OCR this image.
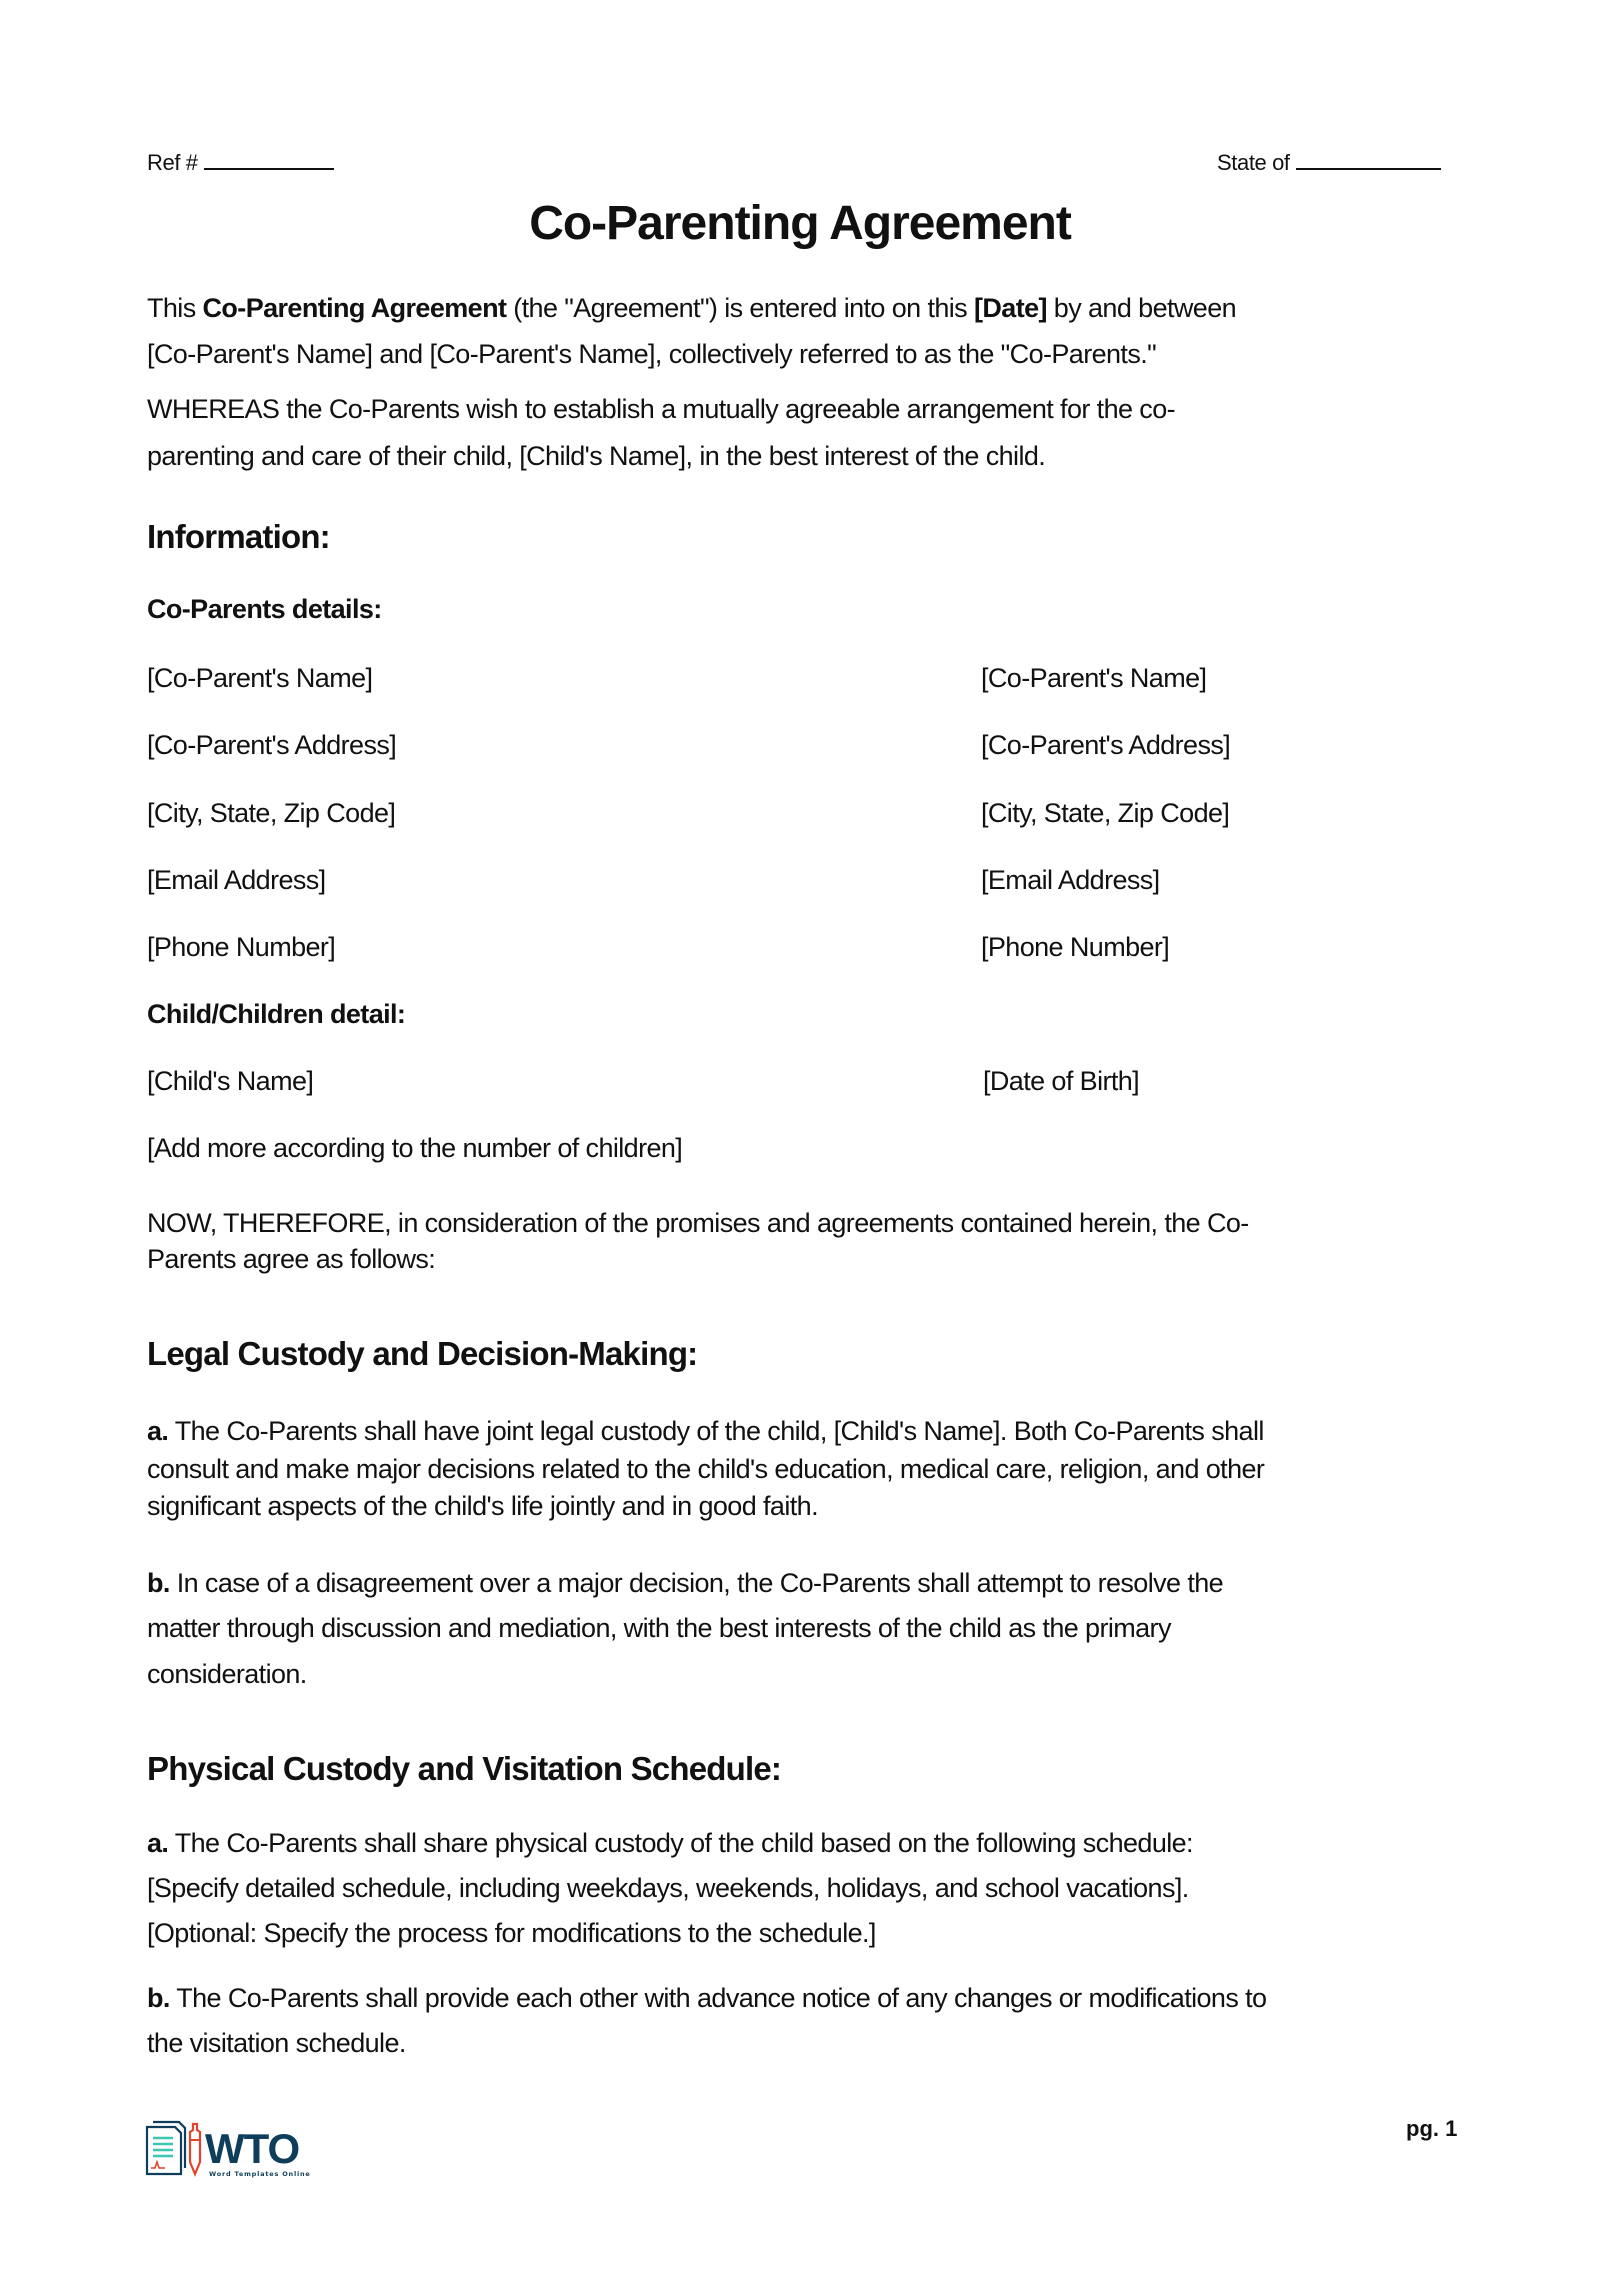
Ref #	State of
Co-Parenting Agreement
This Co-Parenting Agreement (the "Agreement") is entered into on this [Date] by and between
[Co-Parent's Name] and [Co-Parent's Name], collectively referred to as the "Co-Parents."
WHEREAS the Co-Parents wish to establish a mutually agreeable arrangement for the co-
parenting and care of their child, [Child's Name], in the best interest of the child.
Information:
Co-Parents details:
[Co-Parent's Name]
[Co-Parent's Address]
[City, State, Zip Code]
[Email Address]
[Phone Number]
[Co-Parent's Name]
[Co-Parent's Address]
[City, State, Zip Code]
[Email Address]
[Phone Number]
Child/Children detail:
[Child's Name]	[Date of Birth]
[Add more according to the number of children]
NOW, THEREFORE, in consideration of the promises and agreements contained herein, the Co-
Parents agree as follows:
Legal Custody and Decision-Making:
a. The Co-Parents shall have joint legal custody of the child, [Child's Name]. Both Co-Parents shall
consult and make major decisions related to the child's education, medical care, religion, and other
significant aspects of the child's life jointly and in good faith.
b. In case of a disagreement over a major decision, the Co-Parents shall attempt to resolve the
matter through discussion and mediation, with the best interests of the child as the primary
consideration.
Physical Custody and Visitation Schedule:
a. The Co-Parents shall share physical custody of the child based on the following schedule:
[Specify detailed schedule, including weekdays, weekends, holidays, and school vacations].
[Optional: Specify the process for modifications to the schedule.]
b. The Co-Parents shall provide each other with advance notice of any changes or modifications to
the visitation schedule.
WTO
Word Templates Online
pg. 1
